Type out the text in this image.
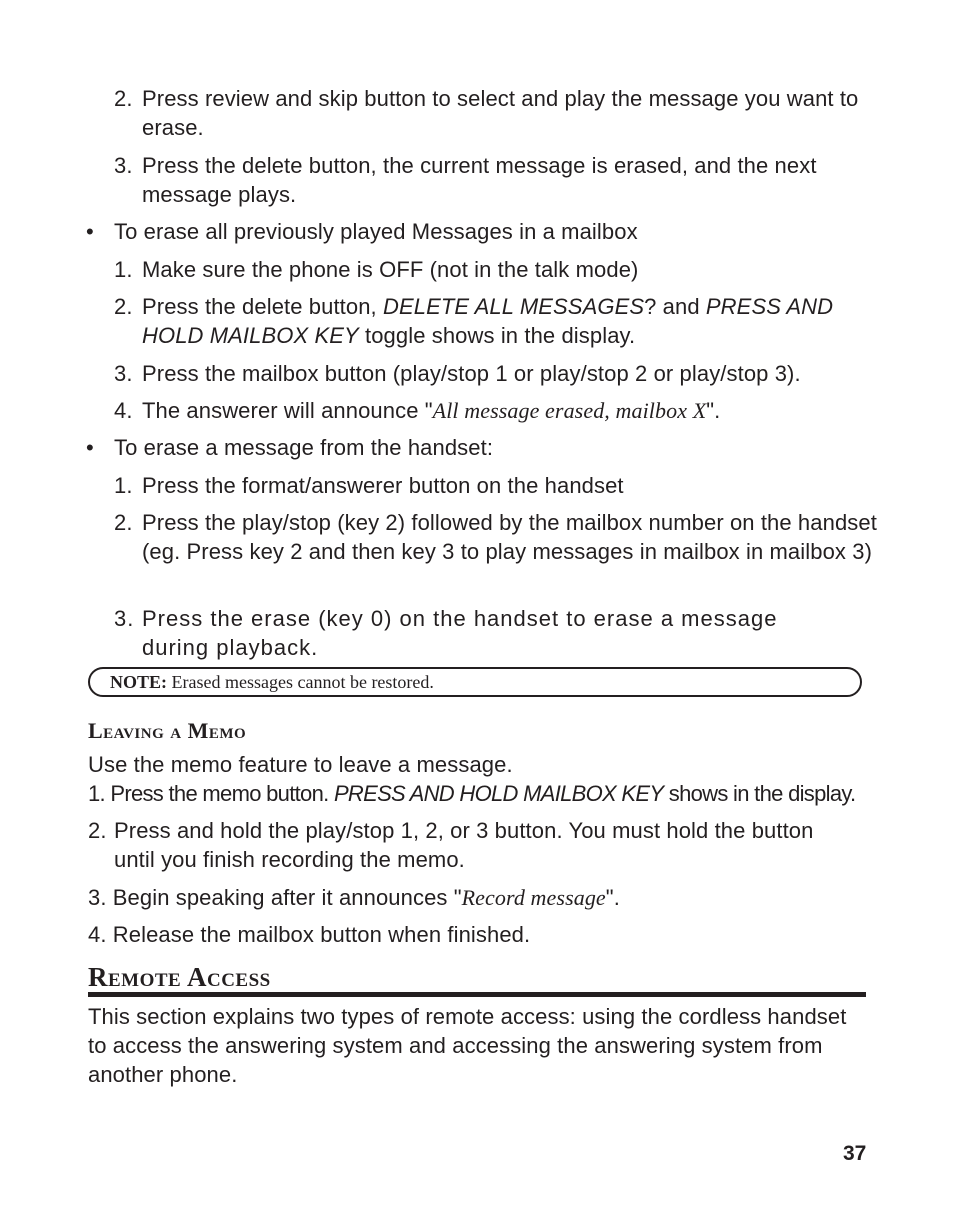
2. Press review and skip button to select and play the message you want to erase.
3. Press the delete button, the current message is erased, and the next message plays.
• To erase all previously played Messages in a mailbox
1. Make sure the phone is OFF (not in the talk mode)
2. Press the delete button, DELETE ALL MESSAGES? and PRESS AND HOLD MAILBOX KEY toggle shows in the display.
3. Press the mailbox button (play/stop 1 or play/stop 2 or play/stop 3).
4. The answerer will announce "All message erased, mailbox X".
• To erase a message from the handset:
1. Press the format/answerer button on the handset
2. Press the play/stop (key 2) followed by the mailbox number on the handset (eg. Press key 2 and then key 3 to play messages in mailbox in mailbox 3)
3. Press the erase (key 0) on the handset to erase a message during playback.
NOTE: Erased messages cannot be restored.
Leaving a Memo
Use the memo feature to leave a message.
1. Press the memo button. PRESS AND HOLD MAILBOX KEY shows in the display.
2. Press and hold the play/stop 1, 2, or 3 button. You must hold the button until you finish recording the memo.
3. Begin speaking after it announces "Record message".
4. Release the mailbox button when finished.
Remote Access
This section explains two types of remote access: using the cordless handset to access the answering system and accessing the answering system from another phone.
37
